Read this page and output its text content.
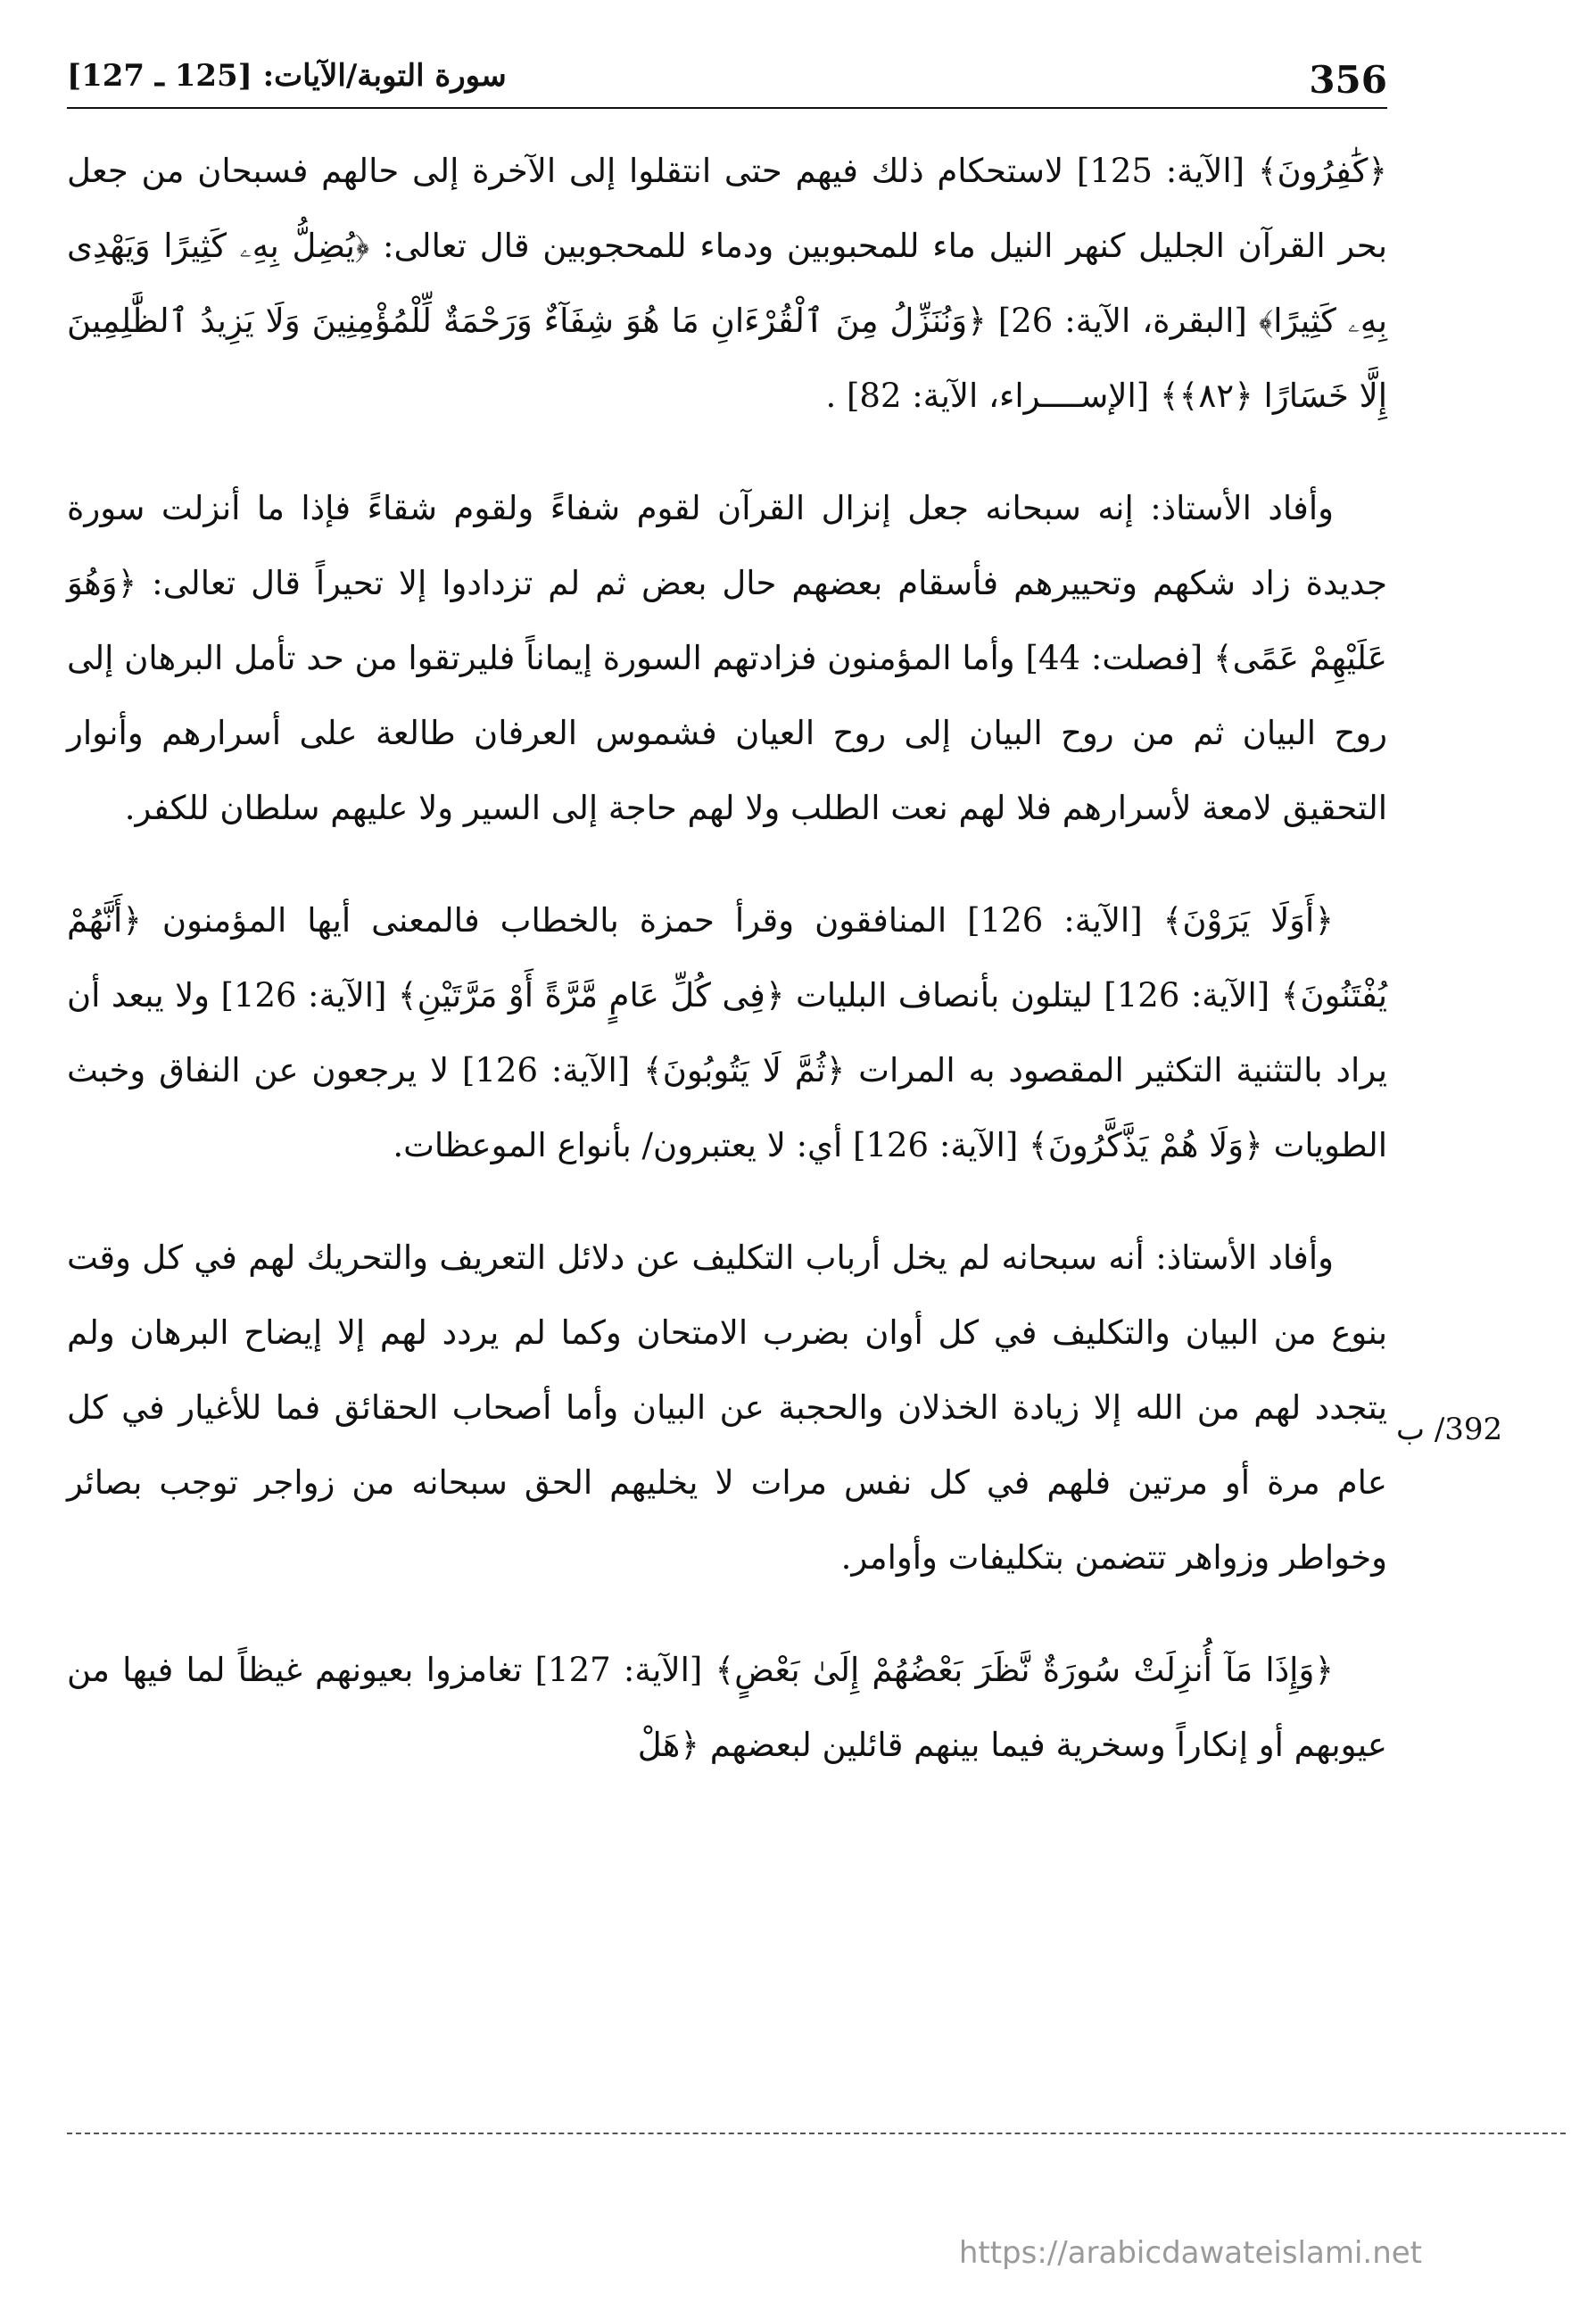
سورة التوبة/الآيات: [125 ـ 127]	356

﴿كَٰفِرُونَ﴾ [الآية: 125] لاستحكام ذلك فيهم حتى انتقلوا إلى الآخرة إلى حالهم فسبحان من جعل بحر القرآن الجليل كنهر النيل ماء للمحبوبين ودماء للمحجوبين قال تعالى: ﴿يُضِلُّ بِهِۦ كَثِيرًا وَيَهْدِى بِهِۦ كَثِيرًا﴾ [البقرة، الآية: 26] ﴿وَنُنَزِّلُ مِنَ ٱلْقُرْءَانِ مَا هُوَ شِفَآءٌ وَرَحْمَةٌ لِّلْمُؤْمِنِينَ وَلَا يَزِيدُ ٱلظَّٰلِمِينَ إِلَّا خَسَارًا ﴿٨٢﴾﴾ [الإســــراء، الآية: 82] .

وأفاد الأستاذ: إنه سبحانه جعل إنزال القرآن لقوم شفاءً ولقوم شقاءً فإذا ما أنزلت سورة جديدة زاد شكهم وتحييرهم فأسقام بعضهم حال بعض ثم لم تزدادوا إلا تحيراً قال تعالى: ﴿وَهُوَ عَلَيْهِمْ عَمًى﴾ [فصلت: 44] وأما المؤمنون فزادتهم السورة إيماناً فليرتقوا من حد تأمل البرهان إلى روح البيان ثم من روح البيان إلى روح العيان فشموس العرفان طالعة على أسرارهم وأنوار التحقيق لامعة لأسرارهم فلا لهم نعت الطلب ولا لهم حاجة إلى السير ولا عليهم سلطان للكفر.

﴿أَوَلَا يَرَوْنَ﴾ [الآية: 126] المنافقون وقرأ حمزة بالخطاب فالمعنى أيها المؤمنون ﴿أَنَّهُمْ يُفْتَنُونَ﴾ [الآية: 126] ليتلون بأنصاف البليات ﴿فِى كُلِّ عَامٍ مَّرَّةً أَوْ مَرَّتَيْنِ﴾ [الآية: 126] ولا يبعد أن يراد بالتثنية التكثير المقصود به المرات ﴿ثُمَّ لَا يَتُوبُونَ﴾ [الآية: 126] لا يرجعون عن النفاق وخبث الطويات ﴿وَلَا هُمْ يَذَّكَّرُونَ﴾ [الآية: 126] أي: لا يعتبرون/ بأنواع الموعظات.

وأفاد الأستاذ: أنه سبحانه لم يخل أرباب التكليف عن دلائل التعريف والتحريك لهم في كل وقت بنوع من البيان والتكليف في كل أوان بضرب الامتحان وكما لم يردد لهم إلا إيضاح البرهان ولم يتجدد لهم من الله إلا زيادة الخذلان والحجبة عن البيان وأما أصحاب الحقائق فما للأغيار في كل عام مرة أو مرتين فلهم في كل نفس مرات لا يخليهم الحق سبحانه من زواجر توجب بصائر وخواطر وزواهر تتضمن بتكليفات وأوامر.

﴿وَإِذَا مَآ أُنزِلَتْ سُورَةٌ نَّظَرَ بَعْضُهُمْ إِلَىٰ بَعْضٍ﴾ [الآية: 127] تغامزوا بعيونهم غيظاً لما فيها من عيوبهم أو إنكاراً وسخرية فيما بينهم قائلين لبعضهم ﴿هَلْ

392/ ب
https://arabicdawateislami.net
